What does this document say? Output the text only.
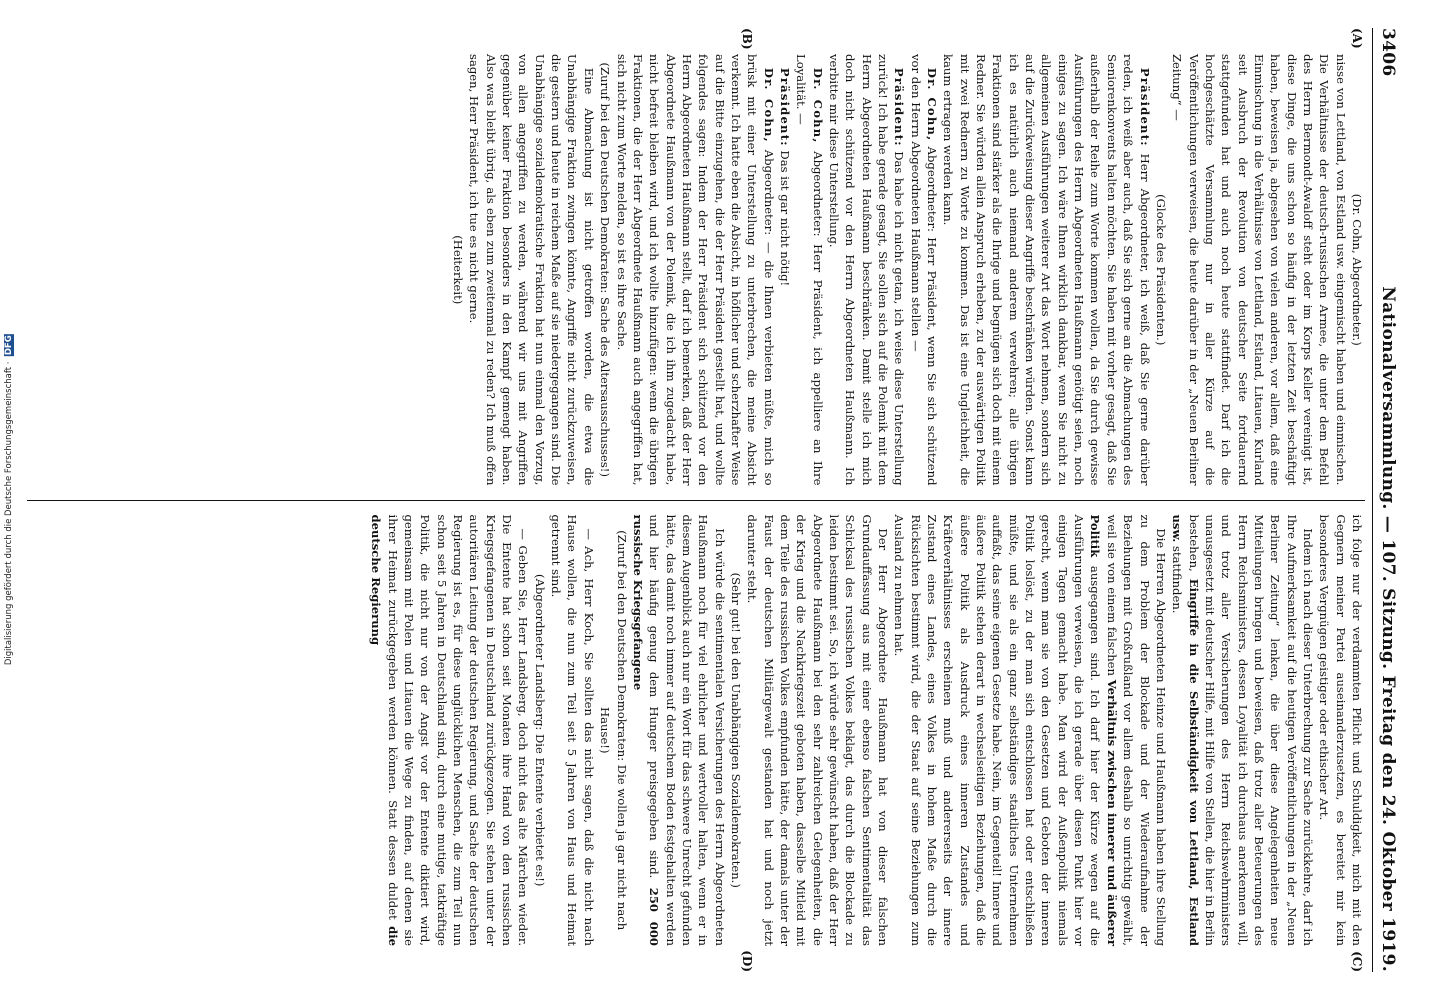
Digitalisierung gefördert durch die Deutsche Forschungsgemeinschaft · DFG
3406
Nationalversammlung. — 107. Sitzung. Freitag den 24. Oktober 1919.
(A)
(B)

(Dr. Cohn, Abgeordneter.)

nisse von Lettland, von Estland usw. eingemischt haben und einmischen. Die Verhältnisse der deutsch-russischen Armee, die unter dem Befehl des Herrn Bermondt-Awaloff steht oder im Korps Keller vereinigt ist, diese Dinge, die uns schon so häufig in der letzten Zeit beschäftigt haben, beweisen ja, abgesehen von vielen anderen, vor allem, daß eine Einmischung in die Verhältnisse von Lettland, Estland, Litauen, Kurland seit Ausbruch der Revolution von deutscher Seite fortdauernd stattgefunden hat und auch noch heute stattfindet. Darf ich die hochgeschätzte Versammlung nur in aller Kürze auf die Veröffentlichungen verweisen, die heute darüber in der „Neuen Berliner Zeitung“ —

(Glocke des Präsidenten.)

Präsident: Herr Abgeordneter, ich weiß, daß Sie gerne darüber reden, ich weiß aber auch, daß Sie sich gerne an die Abmachungen des Seniorenkonvents halten möchten. Sie haben mit vorher gesagt, daß Sie außerhalb der Reihe zum Worte kommen wollen, da Sie durch gewisse Ausführungen des Herrn Abgeordneten Haußmann genötigt seien, noch einiges zu sagen. Ich wäre Ihnen wirklich dankbar, wenn Sie nicht zu allgemeinen Ausführungen weiterer Art das Wort nehmen, sondern sich auf die Zurückweisung dieser Angriffe beschränken würden. Sonst kann ich es natürlich auch niemand anderem verwehren; alle übrigen Fraktionen sind stärker als die Ihrige und begnügen sich doch mit einem Redner. Sie würden allein Anspruch erheben, zu der auswärtigen Politik mit zwei Rednern zu Worte zu kommen. Das ist eine Ungleichheit, die kaum ertragen werden kann.

Dr. Cohn, Abgeordneter: Herr Präsident, wenn Sie sich schützend vor den Herrn Abgeordneten Haußmann stellen —

Präsident: Das habe ich nicht getan, ich weise diese Unterstellung zurück! Ich habe gerade gesagt, Sie sollen sich auf die Polemik mit dem Herrn Abgeordneten Haußmann beschränken. Damit stelle ich mich doch nicht schützend vor den Herrn Abgeordneten Haußmann. Ich verbitte mir diese Unterstellung.

Dr. Cohn, Abgeordneter: Herr Präsident, ich appelliere an Ihre Loyalität. —

Präsident: Das ist gar nicht nötig!

Dr. Cohn, Abgeordneter: — die Ihnen verbieten müßte, mich so brüsk mit einer Unterstellung zu unterbrechen, die meine Absicht verkennt. Ich hatte eben die Absicht, in höflicher und scherzhafter Weise auf die Bitte einzugehen, die der Herr Präsident gestellt hat, und wollte folgendes sagen: Indem der Herr Präsident sich schützend vor den Herrn Abgeordneten Haußmann stellt, darf ich bemerken, daß der Herr Abgeordnete Haußmann von der Polemik, die ich ihm zugedacht habe, nicht befreit bleiben wird, und ich wollte hinzufügen: wenn die übrigen Fraktionen, die der Herr Abgeordnete Haußmann auch angegriffen hat, sich nicht zum Worte melden, so ist es ihre Sache.

(Zuruf bei den Deutschen Demokraten: Sache des Altersausschusses!)

Eine Abmachung ist nicht getroffen worden, die etwa die Unabhängige Fraktion zwingen könnte, Angriffe nicht zurückzuweisen, die gestern und heute in reichem Maße auf sie niedergegangen sind. Die Unabhängige sozialdemokratische Fraktion hat nun einmal den Vorzug, von allen angegriffen zu werden, während wir uns mit Angriffen gegenüber keiner Fraktion besonders in den Kampf gemengt haben. Also was bleibt übrig, als eben zum zweitenmal zu reden? Ich muß offen sagen, Herr Präsident, ich tue es nicht gerne.

(Heiterkeit)

(C)
(D)

ich folge nur der verdammten Pflicht und Schuldigkeit, mich mit den Gegnern meiner Partei auseinanderzusetzen, es bereitet mir kein besonderes Vergnügen geistiger oder ethischer Art.

Indem ich nach dieser Unterbrechung zur Sache zurückkehre, darf ich Ihre Aufmerksamkeit auf die heutigen Veröffentlichungen in der „Neuen Berliner Zeitung“ lenken, die über diese Angelegenheiten neue Mitteilungen bringen und beweisen, daß trotz aller Beteuerungen des Herrn Reichsministers, dessen Loyalität ich durchaus anerkennen will, und trotz aller Versicherungen des Herrn Reichswehrministers unausgesetzt mit deutscher Hilfe, mit Hilfe von Stellen, die hier in Berlin bestehen, Eingriffe in die Selbständigkeit von Lettland, Estland usw. stattfinden.

Die Herren Abgeordneten Heinze und Haußmann haben ihre Stellung zu dem Problem der Blockade und der Wiederaufnahme der Beziehungen mit Großrußland vor allem deshalb so unrichtig gewählt, weil sie von einem falschen Verhältnis zwischen innerer und äußerer Politik ausgegangen sind. Ich darf hier der Kürze wegen auf die Ausführungen verweisen, die ich gerade über diesen Punkt hier vor einigen Tagen gemacht habe. Man wird der Außenpolitik niemals gerecht, wenn man sie von den Gesetzen und Geboten der inneren Politik loslöst, zu der man sich entschlossen hat oder entschließen müßte, und sie als ein ganz selbständiges staatliches Unternehmen auffaßt, das seine eigenen Gesetze habe. Nein, im Gegenteil! Innere und äußere Politik stehen derart in wechselseitigen Beziehungen, daß die äußere Politik als Ausdruck eines inneren Zustandes und Kräfteverhältnisses erscheinen muß und andererseits der innere Zustand eines Landes, eines Volkes in hohem Maße durch die Rücksichten bestimmt wird, die der Staat auf seine Beziehungen zum Ausland zu nehmen hat.

Der Herr Abgeordnete Haußmann hat von dieser falschen Grundauffassung aus mit einer ebenso falschen Sentimentalität das Schicksal des russischen Volkes beklagt, das durch die Blockade zu leiden bestimmt sei. So, ich würde sehr gewünscht haben, daß der Herr Abgeordnete Haußmann bei den sehr zahlreichen Gelegenheiten, die der Krieg und die Nachkriegszeit geboten haben, dasselbe Mitleid mit dem Teile des russischen Volkes empfunden hätte, der damals unter der Faust der deutschen Militärgewalt gestanden hat und noch jetzt darunter steht.

(Sehr gut! bei den Unabhängigen Sozialdemokraten.)

Ich würde die sentimentalen Versicherungen des Herrn Abgeordneten Haußmann noch für viel ehrlicher und wertvoller halten, wenn er in diesem Augenblick auch nur ein Wort für das schwere Unrecht gefunden hätte, das damit noch immer auf deutschem Boden festgehalten werden und hier häufig genug dem Hunger preisgegeben sind. 250 000 russische Kriegsgefangene

(Zuruf bei den Deutschen Demokraten: Die wollen ja gar nicht nach Hause!)

— Ach, Herr Koch, Sie sollten das nicht sagen, daß die nicht nach Hause wollen, die nun zum Teil seit 5 Jahren von Haus und Heimat getrennt sind.

(Abgeordneter Landsberg: Die Entente verbietet es!)

— Geben Sie, Herr Landsberg, doch nicht das alte Märchen wieder. Die Entente hat schon seit Monaten ihre Hand von den russischen Kriegsgefangenen in Deutschland zurückgezogen. Sie stehen unter der autoritären Leitung der deutschen Regierung, und Sache der deutschen Regierung ist es, für diese unglücklichen Menschen, die zum Teil nun schon seit 5 Jahren in Deutschland sind, durch eine mutige, tatkräftige Politik, die nicht nur von der Angst vor der Entente diktiert wird, gemeinsam mit Polen und Litauen die Wege zu finden, auf denen sie ihrer Heimat zurückgegeben werden können. Statt dessen duldet die deutsche Regierung
